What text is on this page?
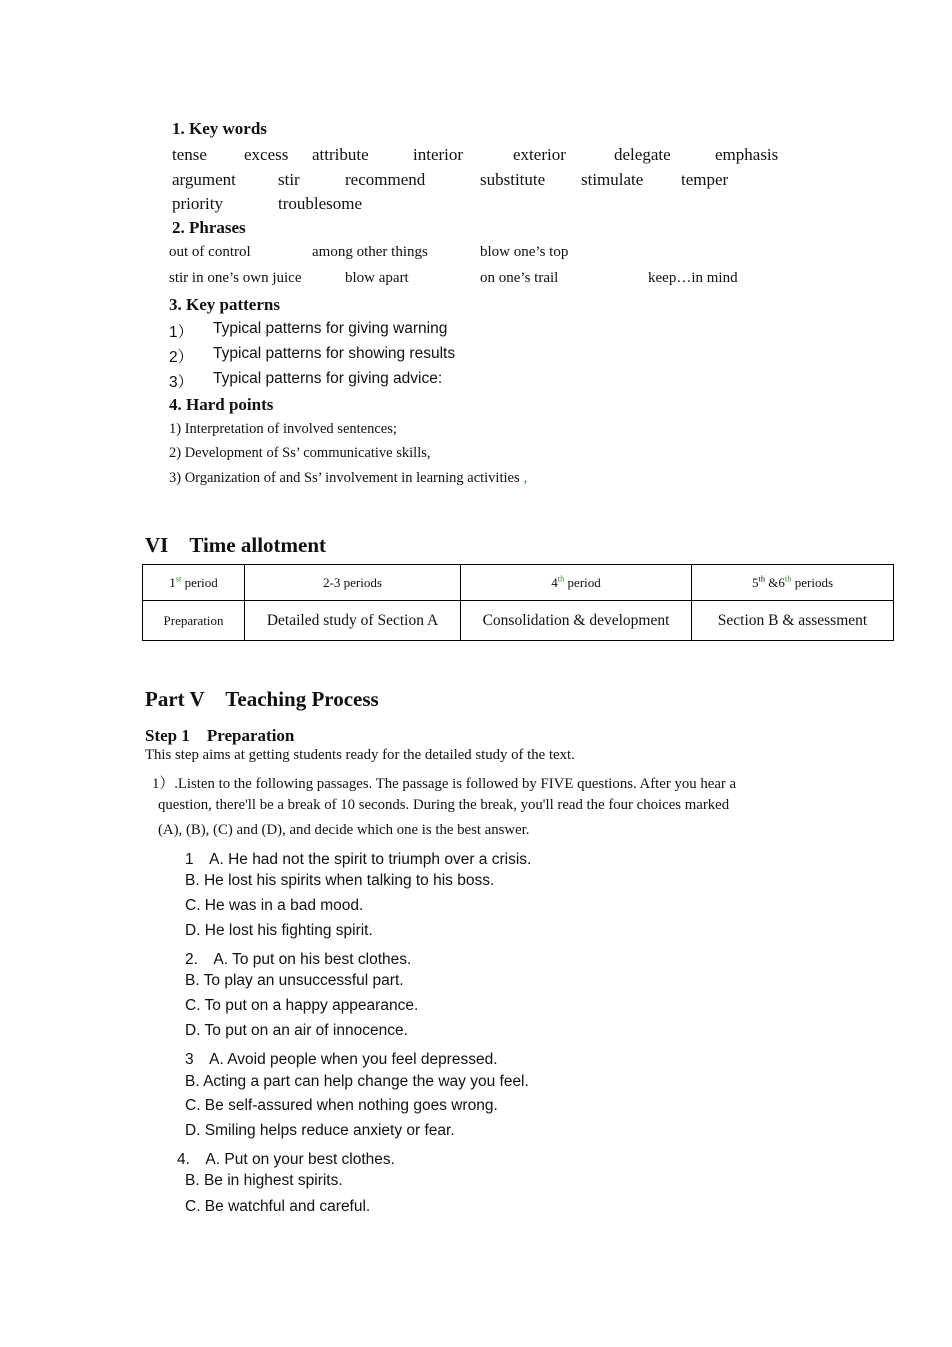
1. Key words
tense excess attribute	interior	exterior	delegate	emphasis
argument stir	recommend	substitute stimulate temper
priority	troublesome
2. Phrases
out of control	among other things	blow one’s top
stir in one’s own juice	blow apart	on one’s trail	keep…in mind
3. Key patterns
1） Typical patterns for giving warning
2） Typical patterns for showing results
3） Typical patterns for giving advice:
4. Hard points
1) Interpretation of involved sentences;
2) Development of Ss’ communicative skills,
3) Organization of and Ss’ involvement in learning activities ,
VI　Time allotment
1st period	2-3 periods	4th period	5th &6th periods
Preparation	Detailed study of Section A	Consolidation & development	Section B & assessment
Part V　Teaching Process
Step 1　Preparation
This step aims at getting students ready for the detailed study of the text.
1）.Listen to the following passages. The passage is followed by FIVE questions. After you hear a
question, there'll be a break of 10 seconds. During the break, you'll read the four choices marked
(A), (B), (C) and (D), and decide which one is the best answer.
1　A. He had not the spirit to triumph over a crisis.
B. He lost his spirits when talking to his boss.
C. He was in a bad mood.
D. He lost his fighting spirit.
2.　A. To put on his best clothes.
B. To play an unsuccessful part.
C. To put on a happy appearance.
D. To put on an air of innocence.
3　A. Avoid people when you feel depressed.
B. Acting a part can help change the way you feel.
C. Be self-assured when nothing goes wrong.
D. Smiling helps reduce anxiety or fear.
4.　A. Put on your best clothes.
B. Be in highest spirits.
C. Be watchful and careful.
